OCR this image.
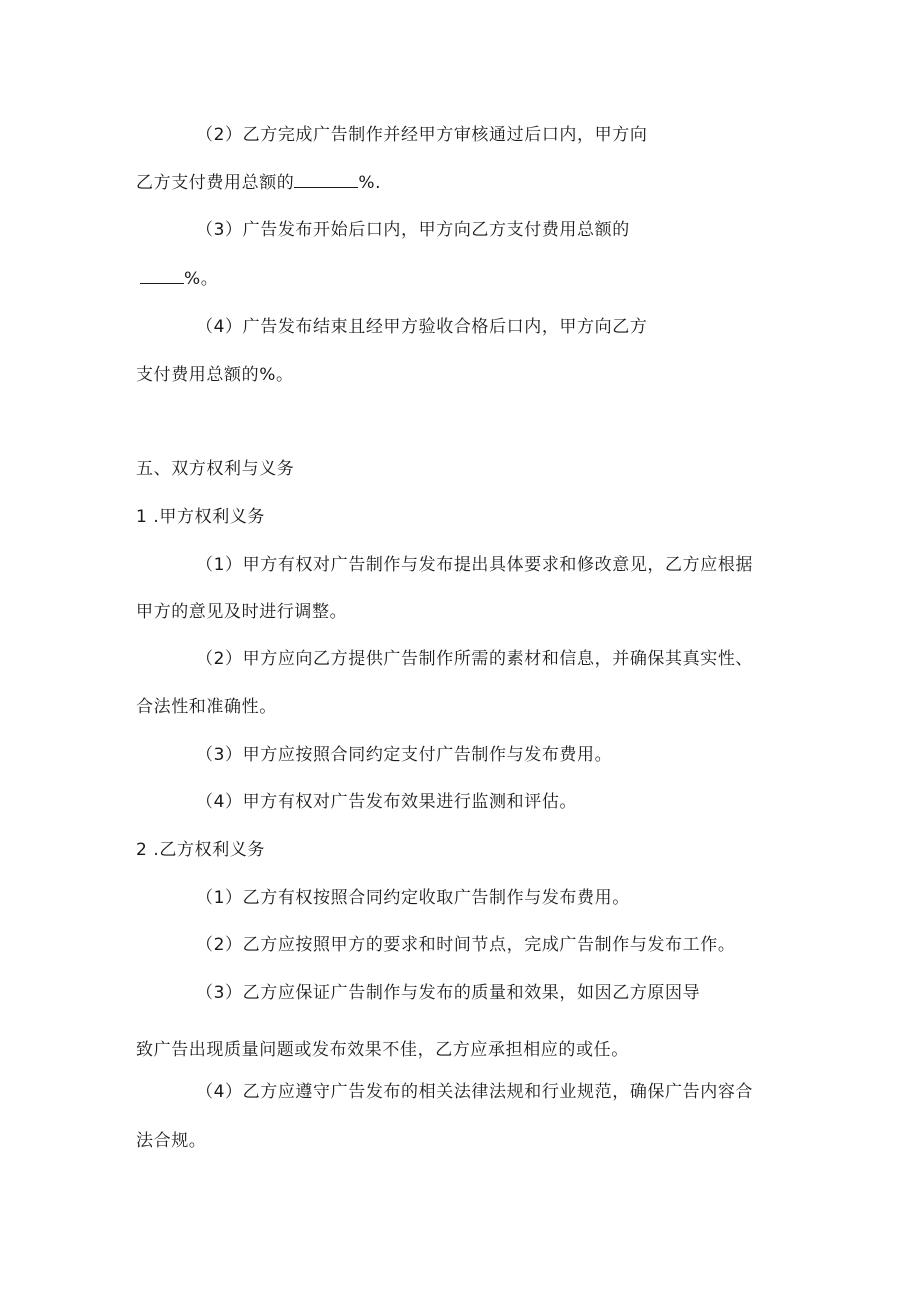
（2）乙方完成广告制作并经甲方审核通过后口内，甲方向
乙方支付费用总额的	%.
（3）广告发布开始后口内，甲方向乙方支付费用总额的
%。
（4）广告发布结束且经甲方验收合格后口内，甲方向乙方
支付费用总额的%。
五、双方权利与义务
1 .甲方权利义务
（1）甲方有权对广告制作与发布提出具体要求和修改意见，乙方应根据
甲方的意见及时进行调整。
（2）甲方应向乙方提供广告制作所需的素材和信息，并确保其真实性、
合法性和准确性。
（3）甲方应按照合同约定支付广告制作与发布费用。
（4）甲方有权对广告发布效果进行监测和评估。
2 .乙方权利义务
（1）乙方有权按照合同约定收取广告制作与发布费用。
（2）乙方应按照甲方的要求和时间节点，完成广告制作与发布工作。
（3）乙方应保证广告制作与发布的质量和效果，如因乙方原因导
致广告出现质量问题或发布效果不佳，乙方应承担相应的或任。
（4）乙方应遵守广告发布的相关法律法规和行业规范，确保广告内容合
法合规。
